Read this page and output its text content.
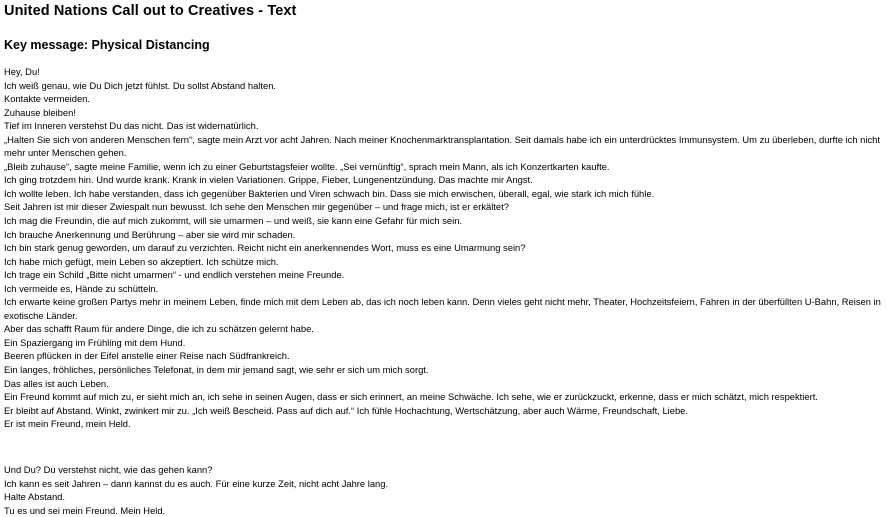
United Nations Call out to Creatives - Text
Key message: Physical Distancing

Hey, Du!

Ich weiß genau, wie Du Dich jetzt fühlst. Du sollst Abstand halten.

Kontakte vermeiden.

Zuhause bleiben!

Tief im Inneren verstehst Du das nicht. Das ist widernatürlich.

„Halten Sie sich von anderen Menschen fern“, sagte mein Arzt vor acht Jahren. Nach meiner Knochenmarktransplantation. Seit damals habe ich ein unterdrücktes Immunsystem. Um zu überleben, durfte ich nicht mehr unter Menschen gehen.

„Bleib zuhause“, sagte meine Familie, wenn ich zu einer Geburtstagsfeier wollte. „Sei vernünftig“, sprach mein Mann, als ich Konzertkarten kaufte.

Ich ging trotzdem hin. Und wurde krank. Krank in vielen Variationen. Grippe, Fieber, Lungenentzündung. Das machte mir Angst.

Ich wollte leben. Ich habe verstanden, dass ich gegenüber Bakterien und Viren schwach bin. Dass sie mich erwischen, überall, egal, wie stark ich mich fühle.

Seit Jahren ist mir dieser Zwiespalt nun bewusst. Ich sehe den Menschen mir gegenüber – und frage mich, ist er erkältet?

Ich mag die Freundin, die auf mich zukommt, will sie umarmen – und weiß, sie kann eine Gefahr für mich sein.

Ich brauche Anerkennung und Berührung – aber sie wird mir schaden.

Ich bin stark genug geworden, um darauf zu verzichten. Reicht nicht ein anerkennendes Wort, muss es eine Umarmung sein?

Ich habe mich gefügt, mein Leben so akzeptiert. Ich schütze mich.

Ich trage ein Schild „Bitte nicht umarmen“ - und endlich verstehen meine Freunde.

Ich vermeide es, Hände zu schütteln.

Ich erwarte keine großen Partys mehr in meinem Leben, finde mich mit dem Leben ab, das ich noch leben kann. Denn vieles geht nicht mehr, Theater, Hochzeitsfeiern, Fahren in der überfüllten U-Bahn, Reisen in exotische Länder.

Aber das schafft Raum für andere Dinge, die ich zu schätzen gelernt habe.

Ein Spaziergang im Frühling mit dem Hund.

Beeren pflücken in der Eifel anstelle einer Reise nach Südfrankreich.

Ein langes, fröhliches, persönliches Telefonat, in dem mir jemand sagt, wie sehr er sich um mich sorgt.

Das alles ist auch Leben.

Ein Freund kommt auf mich zu, er sieht mich an, ich sehe in seinen Augen, dass er sich erinnert, an meine Schwäche. Ich sehe, wie er zurückzuckt, erkenne, dass er mich schätzt, mich respektiert.

Er bleibt auf Abstand. Winkt, zwinkert mir zu. „Ich weiß Bescheid. Pass auf dich auf.“ Ich fühle Hochachtung, Wertschätzung, aber auch Wärme, Freundschaft, Liebe.

Er ist mein Freund, mein Held.

Und Du? Du verstehst nicht, wie das gehen kann?

Ich kann es seit Jahren – dann kannst du es auch. Für eine kurze Zeit, nicht acht Jahre lang.

Halte Abstand.

Tu es und sei mein Freund. Mein Held.
